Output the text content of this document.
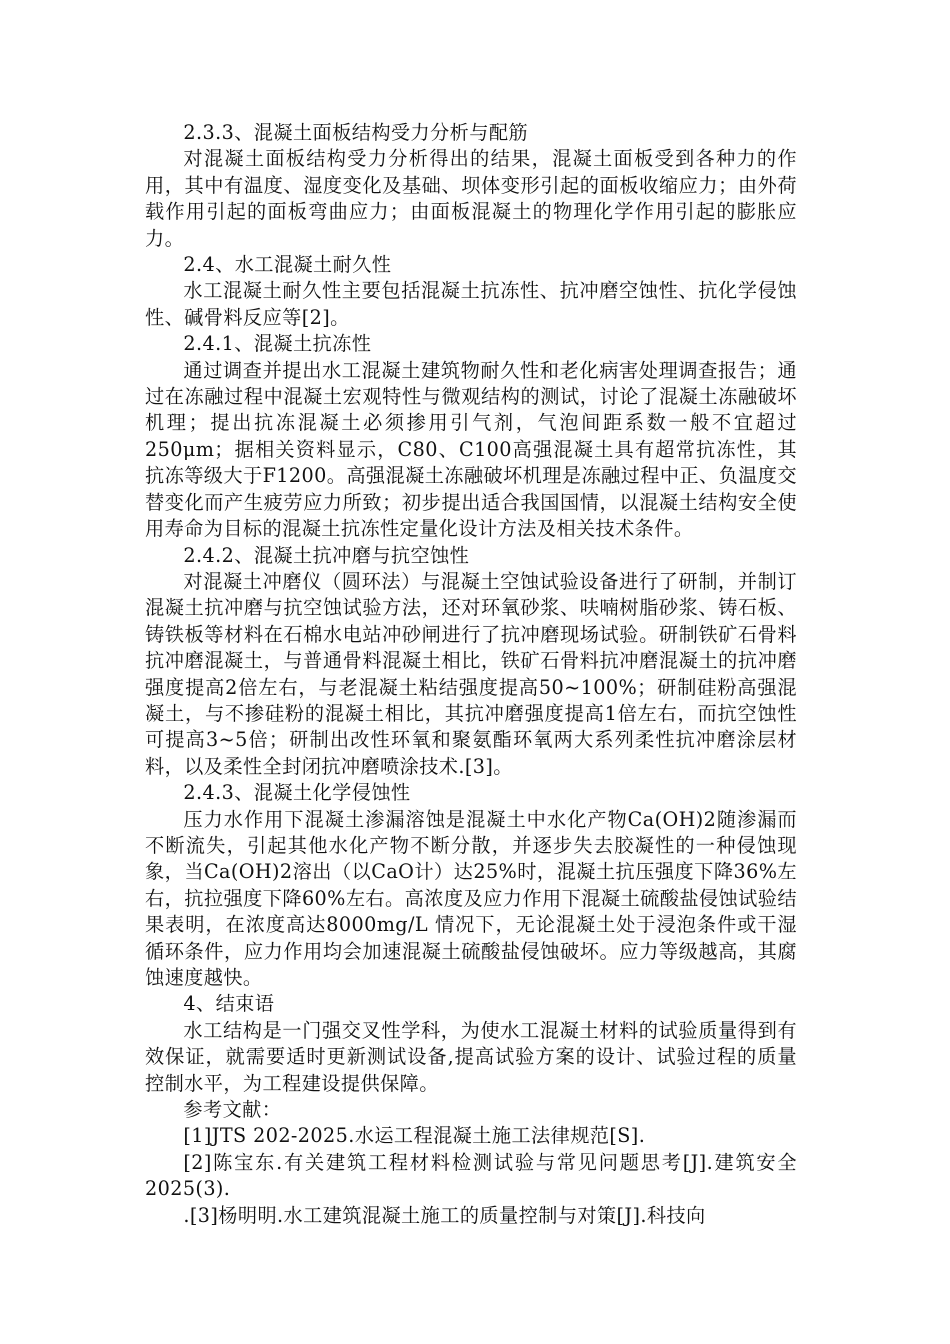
2.3.3、混凝土面板结构受力分析与配筋

对混凝土面板结构受力分析得出的结果，混凝土面板受到各种力的作用，其中有温度、湿度变化及基础、坝体变形引起的面板收缩应力；由外荷载作用引起的面板弯曲应力；由面板混凝土的物理化学作用引起的膨胀应力。

2.4、水工混凝土耐久性

水工混凝土耐久性主要包括混凝土抗冻性、抗冲磨空蚀性、抗化学侵蚀性、碱骨料反应等[2]。

2.4.1、混凝土抗冻性

通过调查并提出水工混凝土建筑物耐久性和老化病害处理调查报告；通过在冻融过程中混凝土宏观特性与微观结构的测试，讨论了混凝土冻融破坏机理；提出抗冻混凝土必须掺用引气剂，气泡间距系数一般不宜超过250μm；据相关资料显示，C80、C100高强混凝土具有超常抗冻性，其抗冻等级大于F1200。高强混凝土冻融破坏机理是冻融过程中正、负温度交替变化而产生疲劳应力所致；初步提出适合我国国情，以混凝土结构安全使用寿命为目标的混凝土抗冻性定量化设计方法及相关技术条件。

2.4.2、混凝土抗冲磨与抗空蚀性

对混凝土冲磨仪（圆环法）与混凝土空蚀试验设备进行了研制，并制订混凝土抗冲磨与抗空蚀试验方法，还对环氧砂浆、呋喃树脂砂浆、铸石板、铸铁板等材料在石棉水电站冲砂闸进行了抗冲磨现场试验。研制铁矿石骨料抗冲磨混凝土，与普通骨料混凝土相比，铁矿石骨料抗冲磨混凝土的抗冲磨强度提高2倍左右，与老混凝土粘结强度提高50~100%；研制硅粉高强混凝土，与不掺硅粉的混凝土相比，其抗冲磨强度提高1倍左右，而抗空蚀性可提高3~5倍；研制出改性环氧和聚氨酯环氧两大系列柔性抗冲磨涂层材料，以及柔性全封闭抗冲磨喷涂技术.[3]。

2.4.3、混凝土化学侵蚀性

压力水作用下混凝土渗漏溶蚀是混凝土中水化产物Ca(OH)2随渗漏而不断流失，引起其他水化产物不断分散，并逐步失去胶凝性的一种侵蚀现象，当Ca(OH)2溶出（以CaO计）达25%时，混凝土抗压强度下降36%左右，抗拉强度下降60%左右。高浓度及应力作用下混凝土硫酸盐侵蚀试验结果表明，在浓度高达8000mg/L 情况下，无论混凝土处于浸泡条件或干湿循环条件，应力作用均会加速混凝土硫酸盐侵蚀破坏。应力等级越高，其腐蚀速度越快。

4、结束语

水工结构是一门强交叉性学科，为使水工混凝土材料的试验质量得到有效保证，就需要适时更新测试设备,提高试验方案的设计、试验过程的质量控制水平，为工程建设提供保障。

参考文献：

[1]JTS 202-2025.水运工程混凝土施工法律规范[S].

[2]陈宝东.有关建筑工程材料检测试验与常见问题思考[J].建筑安全2025(3).

.[3]杨明明.水工建筑混凝土施工的质量控制与对策[J].科技向
